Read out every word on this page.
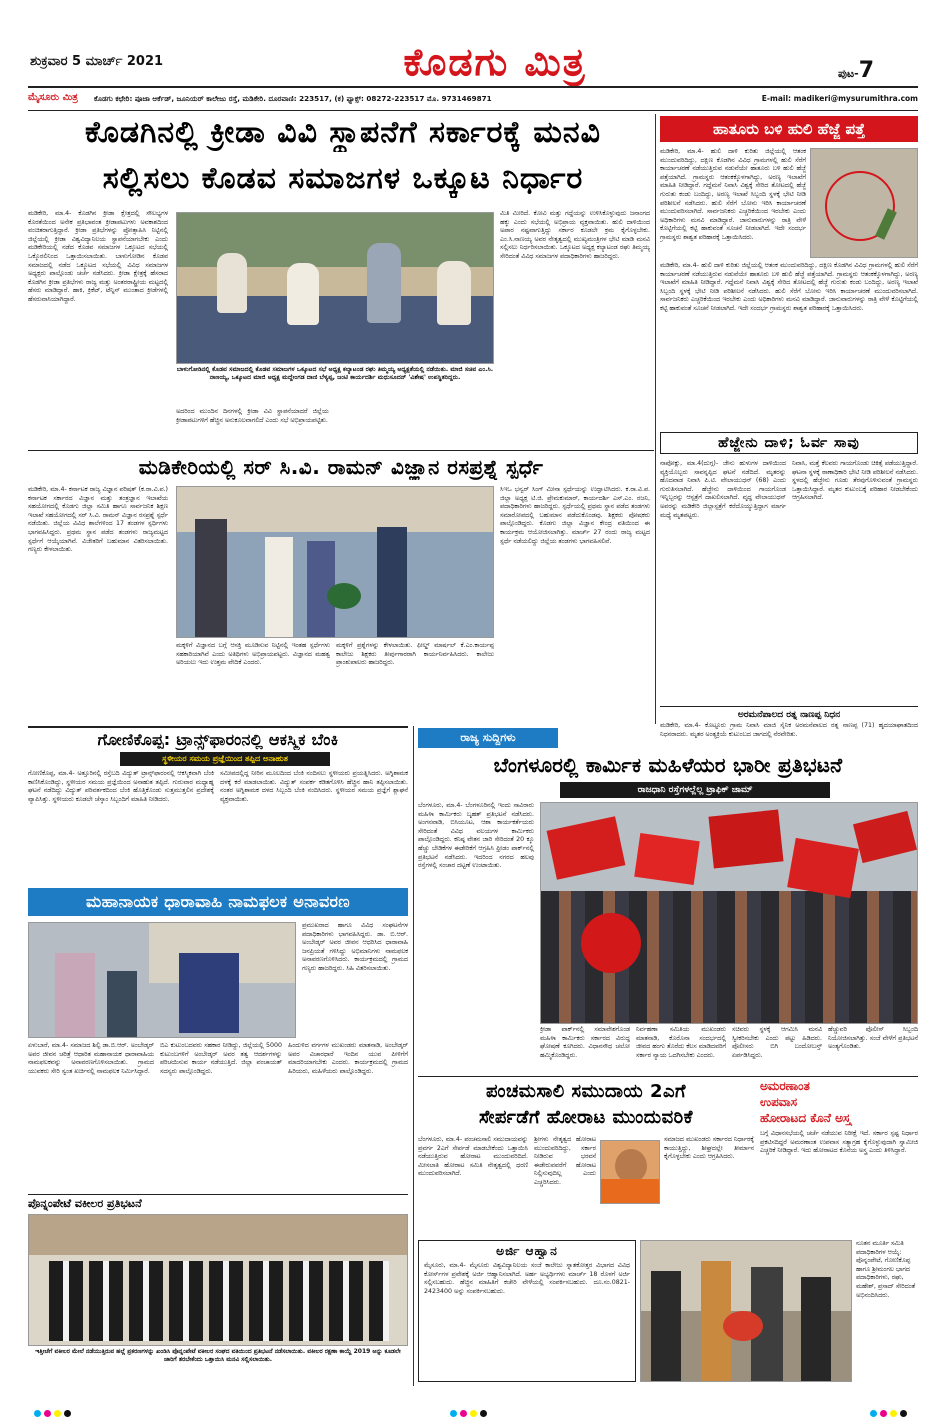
ಶುಕ್ರವಾರ 5 ಮಾರ್ಚ್ 2021	ಕೊಡಗು ಮಿತ್ರ	ಪುಟ-7
ಮೈಸೂರು ಮಿತ್ರ ಕೊಡಗು ಕಛೇರಿ: ಪೂಜಾ ಆರ್ಕೆಡ್, ಜೂನಿಯರ್ ಕಾಲೇಜು ರಸ್ತೆ, ಮಡಿಕೇರಿ. ದೂರವಾಣಿ: 223517, (ಕ) ಫ್ಯಾಕ್ಸ್: 08272-223517 ಮೊ. 9731469871	E-mail: madikeri@mysurumithra.com
ಕೊಡಗಿನಲ್ಲಿ ಕ್ರೀಡಾ ವಿವಿ ಸ್ಥಾಪನೆಗೆ ಸರ್ಕಾರಕ್ಕೆ ಮನವಿ
ಸಲ್ಲಿಸಲು ಕೊಡವ ಸಮಾಜಗಳ ಒಕ್ಕೂಟ ನಿರ್ಧಾರ
ಮಡಿಕೇರಿ, ಮಾ.4- ಕೊಡಗಿನ ಕ್ರೀಡಾ ಕ್ಷೇತ್ರದಲ್ಲಿ ಸೌಲಭ್ಯಗಳ ಕೊರತೆಯಿಂದ ಅನೇಕ ಪ್ರತಿಭಾವಂತ ಕ್ರೀಡಾಪಟುಗಳು ಅವಕಾಶದಿಂದ ವಂಚಿತರಾಗುತ್ತಿದ್ದಾರೆ. ಕ್ರೀಡಾ ಪ್ರತಿಭೆಗಳನ್ನು ಪ್ರೋತ್ಸಾಹಿಸಿ ನಿಟ್ಟಿನಲ್ಲಿ ಜಿಲ್ಲೆಯಲ್ಲಿ ಕ್ರೀಡಾ ವಿಶ್ವವಿದ್ಯಾನಿಲಯ ಸ್ಥಾಪನೆಯಾಗಬೇಕು ಎಂದು ಮಡಿಕೇರಿಯಲ್ಲಿ ನಡೆದ ಕೊಡವ ಸಮಾಜಗಳ ಒಕ್ಕೂಟದ ಸಭೆಯಲ್ಲಿ ಒಕ್ಕೊರಲಿನಿಂದ ಒತ್ತಾಯಿಸಲಾಯಿತು. ಬಾಳುಗೋಡಿನ ಕೊಡವ ಸಮಾಜದಲ್ಲಿ ನಡೆದ ಒಕ್ಕೂಟದ ಸಭೆಯಲ್ಲಿ ವಿವಿಧ ಸಮಾಜಗಳ ಅಧ್ಯಕ್ಷರು ಪಾಲ್ಗೊಂಡು ಚರ್ಚೆ ನಡೆಸಿದರು. ಕ್ರೀಡಾ ಕ್ಷೇತ್ರಕ್ಕೆ ಹೆಸರಾದ ಕೊಡಗಿನ ಕ್ರೀಡಾ ಪ್ರತಿಭೆಗಳು ರಾಜ್ಯ ಮತ್ತು ಅಂತರರಾಷ್ಟ್ರೀಯ ಮಟ್ಟದಲ್ಲಿ ಹೆಸರು ಮಾಡಿದ್ದಾರೆ. ಹಾಕಿ, ಕ್ರಿಕೆಟ್, ಟೆನ್ನಿಸ್ ಮುಂತಾದ ಕ್ರೀಡೆಗಳಲ್ಲಿ ಹೆಸರುವಾಸಿಯಾಗಿದ್ದಾರೆ.
ಬಾಳುಗೋಡಿನಲ್ಲಿ ಕೊಡವ ಸಮಾಜದಲ್ಲಿ ಕೊಡವ ಸಮಾಜಗಳ ಒಕ್ಕೂಟದ ಸಭೆ ಅಧ್ಯಕ್ಷ ಕಲ್ಯಾಟಂಡ ರಘು ತಿಮ್ಮಯ್ಯ ಅಧ್ಯಕ್ಷತೆಯಲ್ಲಿ ನಡೆಯಿತು. ಮಾಜಿ ಸಚಿವ ಎಂ.ಸಿ. ನಾಣಯ್ಯ, ಒಕ್ಕೂಟದ ಮಾಜಿ ಅಧ್ಯಕ್ಷ ಮದ್ದೇಂಗಡ ದಾಣಿ ಬೆಳ್ಯಪ್ಪ, ಜಂಟಿ ಕಾರ್ಯದರ್ಶಿ ಮಧುಸೂದನ್ 'ವಿಶೇಷ' ಉಪಸ್ಥಿತರಿದ್ದರು.
ಮಿತಿ ಮೀರಿದೆ. ಕೋವಿ ಮತ್ತು ಗದ್ದೆಯನ್ನು ಉಳಿಸಿಕೊಳ್ಳುವುದು ಜನಾಂಗದ ಹಕ್ಕು ಎಂದು ಸಭೆಯಲ್ಲಿ ಅಭಿಪ್ರಾಯ ವ್ಯಕ್ತವಾಯಿತು. ಹುಲಿ ದಾಳಿಯಿಂದ ಅಪಾರ ನಷ್ಟವಾಗುತ್ತಿದ್ದು ಸರ್ಕಾರ ಕೂಡಲೇ ಕ್ರಮ ಕೈಗೊಳ್ಳಬೇಕು. ಎಂ.ಸಿ.ನಾಣಯ್ಯ ಅವರ ನೇತೃತ್ವದಲ್ಲಿ ಮುಖ್ಯಮಂತ್ರಿಗಳ ಭೇಟಿ ಮಾಡಿ ಮನವಿ ಸಲ್ಲಿಸಲು ನಿರ್ಧರಿಸಲಾಯಿತು. ಒಕ್ಕೂಟದ ಅಧ್ಯಕ್ಷ ಕಲ್ಯಾಟಂಡ ರಘು ತಿಮ್ಮಯ್ಯ ಸೇರಿದಂತೆ ವಿವಿಧ ಸಮಾಜಗಳ ಪದಾಧಿಕಾರಿಗಳು ಹಾಜರಿದ್ದರು.
ಅದರಿಂದ ಮುಂದಿನ ದಿನಗಳಲ್ಲಿ ಕ್ರೀಡಾ ವಿವಿ ಸ್ಥಾಪನೆಯಾದರೆ ಜಿಲ್ಲೆಯ ಕ್ರೀಡಾಪಟುಗಳಿಗೆ ಹೆಚ್ಚಿನ ಅನುಕೂಲವಾಗಲಿದೆ ಎಂದು ಸಭೆ ಅಭಿಪ್ರಾಯಪಟ್ಟಿತು.
ಹಾತೂರು ಬಳಿ ಹುಲಿ ಹೆಜ್ಜೆ ಪತ್ತೆ
ಮಡಿಕೇರಿ, ಮಾ.4- ಹುಲಿ ದಾಳಿ ಕುರಿತು ಜಿಲ್ಲೆಯಲ್ಲಿ ಆತಂಕ ಮುಂದುವರಿದಿದ್ದು, ದಕ್ಷಿಣ ಕೊಡಗಿನ ವಿವಿಧ ಗ್ರಾಮಗಳಲ್ಲಿ ಹುಲಿ ಸೆರೆಗೆ ಕಾರ್ಯಾಚರಣೆ ನಡೆಯುತ್ತಿರುವ ನಡುವೆಯೇ ಹಾತೂರು ಬಳಿ ಹುಲಿ ಹೆಜ್ಜೆ ಪತ್ತೆಯಾಗಿದೆ. ಗ್ರಾಮಸ್ಥರು ಆತಂಕಕ್ಕೊಳಗಾಗಿದ್ದು, ಅರಣ್ಯ ಇಲಾಖೆಗೆ ಮಾಹಿತಿ ನೀಡಿದ್ದಾರೆ. ಗದ್ದೆಮನೆ ನಿವಾಸಿ ವಿಶ್ವಕ್ಕೆ ಸೇರಿದ ತೋಟದಲ್ಲಿ ಹೆಜ್ಜೆ ಗುರುತು ಕಂಡು ಬಂದಿದ್ದು, ಅರಣ್ಯ ಇಲಾಖೆ ಸಿಬ್ಬಂದಿ ಸ್ಥಳಕ್ಕೆ ಭೇಟಿ ನೀಡಿ ಪರಿಶೀಲನೆ ನಡೆಸಿದರು. ಹುಲಿ ಸೆರೆಗೆ ಬೋನು ಇರಿಸಿ ಕಾರ್ಯಾಚರಣೆ ಮುಂದುವರಿಸಲಾಗಿದೆ. ಸಾರ್ವಜನಿಕರು ಎಚ್ಚರಿಕೆಯಿಂದ ಇರಬೇಕು ಎಂದು ಅಧಿಕಾರಿಗಳು ಮನವಿ ಮಾಡಿದ್ದಾರೆ. ಜಾನುವಾರುಗಳನ್ನು ರಾತ್ರಿ ವೇಳೆ ಕೊಟ್ಟಿಗೆಯಲ್ಲಿ ಕಟ್ಟಿ ಹಾಕುವಂತೆ ಸೂಚನೆ ನೀಡಲಾಗಿದೆ. ಇದೇ ಸಂದರ್ಭ ಗ್ರಾಮಸ್ಥರು ಶಾಶ್ವತ ಪರಿಹಾರಕ್ಕೆ ಒತ್ತಾಯಿಸಿದರು.
ಮಡಿಕೇರಿ, ಮಾ.4- ಹುಲಿ ದಾಳಿ ಕುರಿತು ಜಿಲ್ಲೆಯಲ್ಲಿ ಆತಂಕ ಮುಂದುವರಿದಿದ್ದು, ದಕ್ಷಿಣ ಕೊಡಗಿನ ವಿವಿಧ ಗ್ರಾಮಗಳಲ್ಲಿ ಹುಲಿ ಸೆರೆಗೆ ಕಾರ್ಯಾಚರಣೆ ನಡೆಯುತ್ತಿರುವ ನಡುವೆಯೇ ಹಾತೂರು ಬಳಿ ಹುಲಿ ಹೆಜ್ಜೆ ಪತ್ತೆಯಾಗಿದೆ. ಗ್ರಾಮಸ್ಥರು ಆತಂಕಕ್ಕೊಳಗಾಗಿದ್ದು, ಅರಣ್ಯ ಇಲಾಖೆಗೆ ಮಾಹಿತಿ ನೀಡಿದ್ದಾರೆ. ಗದ್ದೆಮನೆ ನಿವಾಸಿ ವಿಶ್ವಕ್ಕೆ ಸೇರಿದ ತೋಟದಲ್ಲಿ ಹೆಜ್ಜೆ ಗುರುತು ಕಂಡು ಬಂದಿದ್ದು, ಅರಣ್ಯ ಇಲಾಖೆ ಸಿಬ್ಬಂದಿ ಸ್ಥಳಕ್ಕೆ ಭೇಟಿ ನೀಡಿ ಪರಿಶೀಲನೆ ನಡೆಸಿದರು. ಹುಲಿ ಸೆರೆಗೆ ಬೋನು ಇರಿಸಿ ಕಾರ್ಯಾಚರಣೆ ಮುಂದುವರಿಸಲಾಗಿದೆ. ಸಾರ್ವಜನಿಕರು ಎಚ್ಚರಿಕೆಯಿಂದ ಇರಬೇಕು ಎಂದು ಅಧಿಕಾರಿಗಳು ಮನವಿ ಮಾಡಿದ್ದಾರೆ. ಜಾನುವಾರುಗಳನ್ನು ರಾತ್ರಿ ವೇಳೆ ಕೊಟ್ಟಿಗೆಯಲ್ಲಿ ಕಟ್ಟಿ ಹಾಕುವಂತೆ ಸೂಚನೆ ನೀಡಲಾಗಿದೆ. ಇದೇ ಸಂದರ್ಭ ಗ್ರಾಮಸ್ಥರು ಶಾಶ್ವತ ಪರಿಹಾರಕ್ಕೆ ಒತ್ತಾಯಿಸಿದರು.
ಹೆಜ್ಜೇನು ದಾಳಿ; ಓರ್ವ ಸಾವು
ನಾಪೋಕ್ಲು, ಮಾ.4(ದುಗ್ಗ)- ಜೇನು ಹುಳುಗಳ ದಾಳಿಯಿಂದ ವ್ಯಕ್ತಿಯೊಬ್ಬರು ಸಾವನ್ನಪ್ಪಿದ ಘಟನೆ ನಡೆದಿದೆ. ಮೃತರನ್ನು ಹೊದವಾಡ ನಿವಾಸಿ ಪಿ.ಟಿ. ವೇಲಾಯುಧನ್ (68) ಎಂದು ಗುರುತಿಸಲಾಗಿದೆ. ಹೆಜ್ಜೇನು ದಾಳಿಯಿಂದ ಗಾಯಗೊಂಡ ಇನ್ನಿಬ್ಬರನ್ನು ಆಸ್ಪತ್ರೆಗೆ ದಾಖಲಿಸಲಾಗಿದೆ. ವೃದ್ಧ ವೇಲಾಯುಧನ್ ಅವರನ್ನು ಮಡಿಕೇರಿ ಜಿಲ್ಲಾಸ್ಪತ್ರೆಗೆ ಕರೆದೊಯ್ಯುತ್ತಿದ್ದಾಗ ಮಾರ್ಗ ಮಧ್ಯೆ ಮೃತಪಟ್ಟರು.
ನಿವಾಸಿ, ಮತ್ತೆ ಕೆಲವರು ಗಾಯಗೊಂಡು ಚಿಕಿತ್ಸೆ ಪಡೆಯುತ್ತಿದ್ದಾರೆ. ಘಟನಾ ಸ್ಥಳಕ್ಕೆ ಠಾಣಾಧಿಕಾರಿ ಭೇಟಿ ನೀಡಿ ಪರಿಶೀಲನೆ ನಡೆಸಿದರು. ಸ್ಥಳದಲ್ಲಿ ಹೆಜ್ಜೇನು ಗೂಡು ತೆರವುಗೊಳಿಸುವಂತೆ ಗ್ರಾಮಸ್ಥರು ಒತ್ತಾಯಿಸಿದ್ದಾರೆ. ಮೃತರ ಕುಟುಂಬಕ್ಕೆ ಪರಿಹಾರ ನೀಡಬೇಕೆಂದು ಆಗ್ರಹಿಸಲಾಗಿದೆ.
ಅರಮನೆಪಾಲದ ರತ್ನ ನಾಣಪ್ಪ ನಿಧನ
ಮಡಿಕೇರಿ, ಮಾ.4- ಕೊಟ್ಟೂರು ಗ್ರಾಮ ನಿವಾಸಿ ಮಾಜಿ ಸೈನಿಕ ಅರಮನೆಪಾಲದ ರತ್ನ ನಾಣಪ್ಪ (71) ಹೃದಯಾಘಾತದಿಂದ ನಿಧನರಾದರು. ಮೃತರ ಅಂತ್ಯಕ್ರಿಯೆ ಕುಟುಂಬದ ಜಾಗದಲ್ಲಿ ನೆರವೇರಿತು.
ಮಡಿಕೇರಿಯಲ್ಲಿ ಸರ್ ಸಿ.ವಿ. ರಾಮನ್ ವಿಜ್ಞಾನ ರಸಪ್ರಶ್ನೆ ಸ್ಪರ್ಧೆ
ಮಡಿಕೇರಿ, ಮಾ.4- ಕರ್ನಾಟಕ ರಾಜ್ಯ ವಿಜ್ಞಾನ ಪರಿಷತ್ (ಕ.ರಾ.ವಿ.ಪ.) ಕರ್ನಾಟಕ ಸರ್ಕಾರದ ವಿಜ್ಞಾನ ಮತ್ತು ತಂತ್ರಜ್ಞಾನ ಇಲಾಖೆಯ ಸಹಯೋಗದಲ್ಲಿ ಕೊಡಗು ಜಿಲ್ಲಾ ಸಮಿತಿ ಹಾಗೂ ಸಾರ್ವಜನಿಕ ಶಿಕ್ಷಣ ಇಲಾಖೆ ಸಹಯೋಗದಲ್ಲಿ ಸರ್ ಸಿ.ವಿ. ರಾಮನ್ ವಿಜ್ಞಾನ ರಸಪ್ರಶ್ನೆ ಸ್ಪರ್ಧೆ ನಡೆಯಿತು. ಜಿಲ್ಲೆಯ ವಿವಿಧ ಶಾಲೆಗಳಿಂದ 17 ತಂಡಗಳ ಸ್ಪರ್ಧಿಗಳು ಭಾಗವಹಿಸಿದ್ದರು. ಪ್ರಥಮ ಸ್ಥಾನ ಪಡೆದ ತಂಡಗಳು ರಾಜ್ಯಮಟ್ಟದ ಸ್ಪರ್ಧೆಗೆ ಆಯ್ಕೆಯಾಗಿವೆ. ವಿಜೇತರಿಗೆ ಬಹುಮಾನ ವಿತರಿಸಲಾಯಿತು. ಗಣ್ಯರು ಕೇಳಲಾಯಿತು.
ಮಕ್ಕಳಿಗೆ ವಿಜ್ಞಾನದ ಬಗ್ಗೆ ಆಸಕ್ತಿ ಮೂಡಿಸುವ ನಿಟ್ಟಿನಲ್ಲಿ ಇಂತಹ ಸ್ಪರ್ಧೆಗಳು ಸಹಕಾರಿಯಾಗಿವೆ ಎಂದು ಅತಿಥಿಗಳು ಅಭಿಪ್ರಾಯಪಟ್ಟರು. ವಿಜ್ಞಾನದ ಮಹತ್ವ ಅರಿಯಲು ಇದು ಉತ್ತಮ ವೇದಿಕೆ ಎಂದರು.
ಮಕ್ಕಳಿಗೆ ಪ್ರಶ್ನೆಗಳನ್ನು ಕೇಳಲಾಯಿತು. ಫೀಲ್ಡ್ ಮಾರ್ಷಲ್ ಕೆ.ಎಂ.ಕಾರ್ಯಪ್ಪ ಕಾಲೇಜು ಶಿಕ್ಷಕರು ತೀರ್ಪುಗಾರರಾಗಿ ಕಾರ್ಯನಿರ್ವಹಿಸಿದರು. ಕಾಲೇಜು ಪ್ರಾಂಶುಪಾಲರು ಹಾಜರಿದ್ದರು.
ಸಿಇಒ ಭನ್ವರ್ ಸಿಂಗ್ ಮೀನಾ ಸ್ಪರ್ಧೆಯನ್ನು ಉದ್ಘಾಟಿಸಿದರು. ಕ.ರಾ.ವಿ.ಪ. ಜಿಲ್ಲಾ ಅಧ್ಯಕ್ಷ ಟಿ.ಜಿ. ಪ್ರೇಮಕುಮಾರ್, ಕಾರ್ಯದರ್ಶಿ ಎಸ್.ಎಂ. ರಜನಿ, ಪದಾಧಿಕಾರಿಗಳು ಹಾಜರಿದ್ದರು. ಸ್ಪರ್ಧೆಯಲ್ಲಿ ಪ್ರಥಮ ಸ್ಥಾನ ಪಡೆದ ತಂಡಗಳು ಸಮಾರೋಪದಲ್ಲಿ ಬಹುಮಾನ ಪಡೆದುಕೊಂಡವು. ಶಿಕ್ಷಕರು ಪೋಷಕರು ಪಾಲ್ಗೊಂಡಿದ್ದರು. ಕೊಡಗು ಜಿಲ್ಲಾ ವಿಜ್ಞಾನ ಕೇಂದ್ರ ವತಿಯಿಂದ ಈ ಕಾರ್ಯಕ್ರಮ ಆಯೋಜಿಸಲಾಗಿತ್ತು. ಮಾರ್ಚ್ 27 ರಂದು ರಾಜ್ಯ ಮಟ್ಟದ ಸ್ಪರ್ಧೆ ನಡೆಯಲಿದ್ದು ಜಿಲ್ಲೆಯ ತಂಡಗಳು ಭಾಗವಹಿಸಲಿವೆ.
ಗೋಣಿಕೊಪ್ಪ: ಟ್ರಾನ್ಸ್‌ಫಾರಂನಲ್ಲಿ ಆಕಸ್ಮಿಕ ಬೆಂಕಿ
ಸ್ಥಳೀಯರ ಸಮಯ ಪ್ರಜ್ಞೆಯಿಂದ ತಪ್ಪಿದ ಅನಾಹುತ
ಗೋಣಿಕೊಪ್ಪ, ಮಾ.4- ಅತ್ತೂರಿನಲ್ಲಿ ರಸ್ತೆಬದಿ ವಿದ್ಯುತ್ ಟ್ರಾನ್ಸ್‌ಫಾರಂನಲ್ಲಿ ಆಕಸ್ಮಿಕವಾಗಿ ಬೆಂಕಿ ಕಾಣಿಸಿಕೊಂಡಿದ್ದು, ಸ್ಥಳೀಯರ ಸಮಯ ಪ್ರಜ್ಞೆಯಿಂದ ಅನಾಹುತ ತಪ್ಪಿದೆ. ಗುರುವಾರ ಮಧ್ಯಾಹ್ನ ಘಟನೆ ನಡೆದಿದ್ದು ವಿದ್ಯುತ್ ಪರಿವರ್ತಕದಿಂದ ಬೆಂಕಿ ಹೊತ್ತಿಕೊಂಡು ಸುತ್ತಮುತ್ತಲಿನ ಪ್ರದೇಶಕ್ಕೆ ವ್ಯಾಪಿಸಿತ್ತು. ಸ್ಥಳೀಯರು ಕೂಡಲೇ ಚೆಸ್ಕಾಂ ಸಿಬ್ಬಂದಿಗೆ ಮಾಹಿತಿ ನೀಡಿದರು.
ಸಮೀಪದಲ್ಲಿದ್ದ ನೀರಿನ ಮೂಲದಿಂದ ಬೆಂಕಿ ನಂದಿಸಲು ಸ್ಥಳೀಯರು ಪ್ರಯತ್ನಿಸಿದರು. ಅಗ್ನಿಶಾಮಕ ದಳಕ್ಕೆ ಕರೆ ಮಾಡಲಾಯಿತು. ವಿದ್ಯುತ್ ಸಂಪರ್ಕ ಕಡಿತಗೊಳಿಸಿ ಹೆಚ್ಚಿನ ಹಾನಿ ತಪ್ಪಿಸಲಾಯಿತು. ನಂತರ ಅಗ್ನಿಶಾಮಕ ದಳದ ಸಿಬ್ಬಂದಿ ಬೆಂಕಿ ನಂದಿಸಿದರು. ಸ್ಥಳೀಯರ ಸಮಯ ಪ್ರಜ್ಞೆಗೆ ಶ್ಲಾಘನೆ ವ್ಯಕ್ತವಾಯಿತು.
ಮಹಾನಾಯಕ ಧಾರಾವಾಹಿ ನಾಮಫಲಕ ಅನಾವರಣ
ಪ್ರಮುಖರಾದ ಹಾಗೂ ವಿವಿಧ ಸಂಘಟನೆಗಳ ಪದಾಧಿಕಾರಿಗಳು ಭಾಗವಹಿಸಿದ್ದರು. ಡಾ. ಬಿ.ಆರ್. ಅಂಬೇಡ್ಕರ್ ಅವರ ಜೀವನ ಆಧರಿಸಿದ ಧಾರಾವಾಹಿ ಜನಪ್ರಿಯತೆ ಗಳಿಸಿದ್ದು ಅಭಿಮಾನಿಗಳು ನಾಮಫಲಕ ಅನಾವರಣಗೊಳಿಸಿದರು. ಕಾರ್ಯಕ್ರಮದಲ್ಲಿ ಗ್ರಾಮದ ಗಣ್ಯರು ಹಾಜರಿದ್ದರು. ಸಿಹಿ ವಿತರಿಸಲಾಯಿತು.
ಏಳುಬಾರೆ, ಮಾ.4- ಸಮಾಜದ ಶಿಲ್ಪಿ ಡಾ.ಬಿ.ಆರ್. ಅಂಬೇಡ್ಕರ್ ಅವರ ಜೀವನ ಚರಿತ್ರೆ ಆಧಾರಿತ ಮಹಾನಾಯಕ ಧಾರಾವಾಹಿಯ ನಾಮಫಲಕವನ್ನು ಅನಾವರಣಗೊಳಿಸಲಾಯಿತು. ಗ್ರಾಮದ ಯುವಕರು ಸೇರಿ ಸ್ವಂತ ಖರ್ಚಿನಲ್ಲಿ ನಾಮಫಲಕ ನಿರ್ಮಿಸಿದ್ದಾರೆ.
ಬಿಎ ಕುಟುಂಬದವರು ಸಹಕಾರ ನೀಡಿದ್ದು, ಜಿಲ್ಲೆಯಲ್ಲಿ 5000 ಕುಟುಂಬಗಳಿಗೆ ಅಂಬೇಡ್ಕರ್ ಅವರ ತತ್ವ ಆದರ್ಶಗಳನ್ನು ಪರಿಚಯಿಸುವ ಕಾರ್ಯ ನಡೆಯುತ್ತಿದೆ. ಜಿಲ್ಲಾ ಪಂಚಾಯತ್ ಸದಸ್ಯರು ಪಾಲ್ಗೊಂಡಿದ್ದರು.
ಹಿಂದುಳಿದ ವರ್ಗಗಳ ಮುಖಂಡರು ಮಾತನಾಡಿ, ಅಂಬೇಡ್ಕರ್ ಅವರ ವಿಚಾರಧಾರೆ ಇಂದಿನ ಯುವ ಪೀಳಿಗೆಗೆ ಮಾದರಿಯಾಗಬೇಕು ಎಂದರು. ಕಾರ್ಯಕ್ರಮದಲ್ಲಿ ಗ್ರಾಮದ ಹಿರಿಯರು, ಮಹಿಳೆಯರು ಪಾಲ್ಗೊಂಡಿದ್ದರು.
ಪೊನ್ನಂಪೇಟೆ ವಕೀಲರ ಪ್ರತಿಭಟನೆ
ಇತ್ತೀಚೆಗೆ ವಕೀಲರ ಮೇಲೆ ನಡೆಯುತ್ತಿರುವ ಹಲ್ಲೆ ಪ್ರಕರಣಗಳನ್ನು ಖಂಡಿಸಿ ಪೊನ್ನಂಪೇಟೆ ವಕೀಲರ ಸಂಘದ ವತಿಯಿಂದ ಪ್ರತಿಭಟನೆ ನಡೆಸಲಾಯಿತು. ವಕೀಲರ ರಕ್ಷಣಾ ಕಾಯ್ದೆ 2019 ಅನ್ನು ಕೂಡಲೇ ಜಾರಿಗೆ ತರಬೇಕೆಂದು ಒತ್ತಾಯಿಸಿ ಮನವಿ ಸಲ್ಲಿಸಲಾಯಿತು.
ರಾಜ್ಯ ಸುದ್ದಿಗಳು
ಬೆಂಗಳೂರಲ್ಲಿ ಕಾರ್ಮಿಕ ಮಹಿಳೆಯರ ಭಾರೀ ಪ್ರತಿಭಟನೆ
ರಾಜಧಾನಿ ರಸ್ತೆಗಳಲ್ಲೆಲ್ಲ ಟ್ರಾಫಿಕ್ ಜಾಮ್
ಬೆಂಗಳೂರು, ಮಾ.4- ಬೆಂಗಳೂರಿನಲ್ಲಿ ಇಂದು ಸಾವಿರಾರು ಮಹಿಳಾ ಕಾರ್ಮಿಕರು ಬೃಹತ್ ಪ್ರತಿಭಟನೆ ನಡೆಸಿದರು. ಅಂಗನವಾಡಿ, ಬಿಸಿಯೂಟ, ಆಶಾ ಕಾರ್ಯಕರ್ತೆಯರು ಸೇರಿದಂತೆ ವಿವಿಧ ವಲಯಗಳ ಕಾರ್ಮಿಕರು ಪಾಲ್ಗೊಂಡಿದ್ದರು. ಕನಿಷ್ಠ ವೇತನ ಜಾರಿ ಸೇರಿದಂತೆ 20 ಕ್ಕೂ ಹೆಚ್ಚು ಬೇಡಿಕೆಗಳ ಈಡೇರಿಕೆಗೆ ಆಗ್ರಹಿಸಿ ಫ್ರೀಡಂ ಪಾರ್ಕ್‌ನಲ್ಲಿ ಪ್ರತಿಭಟನೆ ನಡೆಸಿದರು. ಇದರಿಂದ ನಗರದ ಹಲವು ರಸ್ತೆಗಳಲ್ಲಿ ಸಂಚಾರ ದಟ್ಟಣೆ ಉಂಟಾಯಿತು.
ಕ್ರೀಡಾ ಪಾರ್ಕ್‌ನಲ್ಲಿ ಸಮಾವೇಶಗೊಂಡ ಮಹಿಳಾ ಕಾರ್ಮಿಕರು ಸರ್ಕಾರದ ವಿರುದ್ಧ ಘೋಷಣೆ ಕೂಗಿದರು. ವಿಧಾನಸೌಧ ಚಲೋ ಹಮ್ಮಿಕೊಂಡಿದ್ದರು.
ನಿರ್ವಹಣಾ ಸಮಿತಿಯ ಮುಖಂಡರು ಮಾತನಾಡಿ, ಕೊರೊನಾ ಸಂದರ್ಭದಲ್ಲಿ ಜೀವದ ಹಂಗು ತೊರೆದು ಕೆಲಸ ಮಾಡಿದವರಿಗೆ ಸರ್ಕಾರ ನ್ಯಾಯ ಒದಗಿಸಬೇಕು ಎಂದರು.
ಸಚಿವರು ಸ್ಥಳಕ್ಕೆ ಆಗಮಿಸಿ ಮನವಿ ಸ್ವೀಕರಿಸಬೇಕು ಎಂದು ಪಟ್ಟು ಹಿಡಿದರು. ಪೊಲೀಸರು ಬಿಗಿ ಬಂದೋಬಸ್ತ್ ಏರ್ಪಡಿಸಿದ್ದರು.
ಹೆಚ್ಚುವರಿ ಪೊಲೀಸ್ ಸಿಬ್ಬಂದಿ ನಿಯೋಜಿಸಲಾಗಿತ್ತು. ಸಂಜೆ ವೇಳೆಗೆ ಪ್ರತಿಭಟನೆ ಅಂತ್ಯಗೊಂಡಿತು.
ಪಂಚಮಸಾಲಿ ಸಮುದಾಯ 2ಎಗೆ
ಸೇರ್ಪಡೆಗೆ ಹೋರಾಟ ಮುಂದುವರಿಕೆ
ಬೆಂಗಳೂರು, ಮಾ.4- ಪಂಚಮಸಾಲಿ ಸಮುದಾಯವನ್ನು ಪ್ರವರ್ಗ 2ಎಗೆ ಸೇರ್ಪಡೆ ಮಾಡಬೇಕೆಂದು ಒತ್ತಾಯಿಸಿ ನಡೆಯುತ್ತಿರುವ ಹೋರಾಟ ಮುಂದುವರಿದಿದೆ. ಮೀಸಲಾತಿ ಹೋರಾಟ ಸಮಿತಿ ನೇತೃತ್ವದಲ್ಲಿ ಧರಣಿ ಮುಂದುವರಿಸಲಾಗಿದೆ.
ಶ್ರೀಗಳು ನೇತೃತ್ವದ ಹೋರಾಟ ಮುಂದುವರಿದಿದ್ದು, ಸರ್ಕಾರ ನೀಡಿರುವ ಭರವಸೆ ಈಡೇರುವವರೆಗೆ ಹೋರಾಟ ನಿಲ್ಲಿಸುವುದಿಲ್ಲ ಎಂದು ಎಚ್ಚರಿಸಿದರು.
ಸಮಾಜದ ಮುಖಂಡರು ಸರ್ಕಾರದ ನಿರ್ಧಾರಕ್ಕೆ ಕಾಯುತ್ತಿದ್ದು, ಶೀಘ್ರದಲ್ಲೇ ತೀರ್ಮಾನ ಕೈಗೊಳ್ಳಬೇಕು ಎಂದು ಆಗ್ರಹಿಸಿದರು.
ಅಮರಣಾಂತ
ಉಪವಾಸ
ಹೋರಾಟದ ಕೊನೆ ಅಸ್ತ್ರ
ಬಗ್ಗೆ ವಿಧಾನಸಭೆಯಲ್ಲಿ ಚರ್ಚೆ ನಡೆಯುವ ನಿರೀಕ್ಷೆ ಇದೆ. ಸರ್ಕಾರ ಸ್ಪಷ್ಟ ನಿರ್ಧಾರ ಪ್ರಕಟಿಸದಿದ್ದರೆ ಅಮರಣಾಂತ ಉಪವಾಸ ಸತ್ಯಾಗ್ರಹ ಕೈಗೊಳ್ಳುವುದಾಗಿ ಸ್ವಾಮೀಜಿ ಎಚ್ಚರಿಕೆ ನೀಡಿದ್ದಾರೆ. ಇದು ಹೋರಾಟದ ಕೊನೆಯ ಅಸ್ತ್ರ ಎಂದು ತಿಳಿಸಿದ್ದಾರೆ.
ಅರ್ಜಿ ಆಹ್ವಾನ
ಮೈಸೂರು, ಮಾ.4- ಮೈಸೂರು ವಿಶ್ವವಿದ್ಯಾನಿಲಯ ಸಂಜೆ ಕಾಲೇಜು ಸ್ನಾತಕೋತ್ತರ ವಿಭಾಗದ ವಿವಿಧ ಕೋರ್ಸ್‌ಗಳ ಪ್ರವೇಶಕ್ಕೆ ಅರ್ಜಿ ಆಹ್ವಾನಿಸಲಾಗಿದೆ. ಅರ್ಹ ಅಭ್ಯರ್ಥಿಗಳು ಮಾರ್ಚ್ 18 ರೊಳಗೆ ಅರ್ಜಿ ಸಲ್ಲಿಸಬಹುದು. ಹೆಚ್ಚಿನ ಮಾಹಿತಿಗೆ ಕಚೇರಿ ವೇಳೆಯಲ್ಲಿ ಸಂಪರ್ಕಿಸಬಹುದು. ದೂ.ಸಂ.0821-2423400 ಅನ್ನು ಸಂಪರ್ಕಿಸಬಹುದು.
ನೂತನ ಮೂರ್ತಿ ಸಮಿತಿ ಪದಾಧಿಕಾರಿಗಳ ಆಯ್ಕೆ: ಪೊನ್ನಂಪೇಟೆ, ಗೋಣಿಕೊಪ್ಪ ಹಾಗೂ ಶ್ರೀಮಂಗಲ ಭಾಗದ ಪದಾಧಿಕಾರಿಗಳು, ರಘು, ಮಹೇಶ್, ಪ್ರಸಾದ್ ಸೇರಿದಂತೆ ಅಭಿನಂದಿಸಿದರು.
